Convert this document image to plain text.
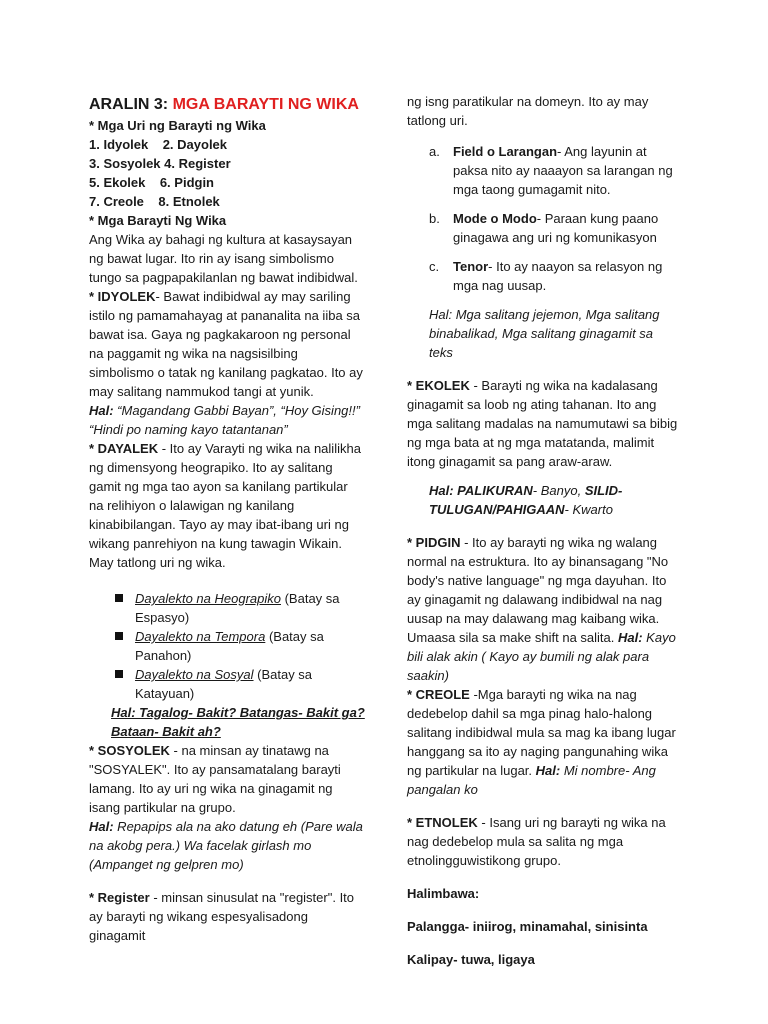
ARALIN 3: MGA BARAYTI NG WIKA

* Mga Uri ng Barayti ng Wika

1. Idyolek 2. Dayolek
3. Sosyolek 4. Register
5. Ekolek 6. Pidgin
7. Creole 8. Etnolek

* Mga Barayti Ng Wika

Ang Wika ay bahagi ng kultura at kasaysayan ng bawat lugar. Ito rin ay isang simbolismo tungo sa pagpapakilanlan ng bawat indibidwal.

* IDYOLEK- Bawat indibidwal ay may sariling istilo ng pamamahayag at pananalita na iiba sa bawat isa. Gaya ng pagkakaroon ng personal na paggamit ng wika na nagsisilbing simbolismo o tatak ng kanilang pagkatao. Ito ay may salitang nammukod tangi at yunik.

Hal: “Magandang Gabbi Bayan”, “Hoy Gising!!” “Hindi po naming kayo tatantanan”

* DAYALEK - Ito ay Varayti ng wika na nalilikha ng dimensyong heograpiko. Ito ay salitang gamit ng mga tao ayon sa kanilang partikular na relihiyon o lalawigan ng kanilang kinabibilangan. Tayo ay may ibat-ibang uri ng wikang panrehiyon na kung tawagin Wikain. May tatlong uri ng wika.

Dayalekto na Heograpiko (Batay sa Espasyo)
Dayalekto na Tempora (Batay sa Panahon)
Dayalekto na Sosyal (Batay sa Katayuan)

Hal: Tagalog- Bakit? Batangas- Bakit ga? Bataan- Bakit ah?

* SOSYOLEK - na minsan ay tinatawg na "SOSYALEK". Ito ay pansamatalang barayti lamang. Ito ay uri ng wika na ginagamit ng isang partikular na grupo.

Hal: Repapips ala na ako datung eh (Pare wala na akobg pera.) Wa facelak girlash mo (Ampanget ng gelpren mo)

* Register - minsan sinusulat na "register". Ito ay barayti ng wikang espesyalisadong ginagamit

ng isng paratikular na domeyn. Ito ay may tatlong uri.

a. Field o Larangan- Ang layunin at paksa nito ay naaayon sa larangan ng mga taong gumagamit nito.
b. Mode o Modo- Paraan kung paano ginagawa ang uri ng komunikasyon
c. Tenor- Ito ay naayon sa relasyon ng mga nag uusap.

Hal: Mga salitang jejemon, Mga salitang binabalikad, Mga salitang ginagamit sa teks

* EKOLEK - Barayti ng wika na kadalasang ginagamit sa loob ng ating tahanan. Ito ang mga salitang madalas na namumutawi sa bibig ng mga bata at ng mga matatanda, malimit itong ginagamit sa pang araw-araw.

Hal: PALIKURAN- Banyo, SILID-TULUGAN/PAHIGAAN- Kwarto

* PIDGIN - Ito ay barayti ng wika ng walang normal na estruktura. Ito ay binansagang "No body's native language" ng mga dayuhan. Ito ay ginagamit ng dalawang indibidwal na nag uusap na may dalawang mag kaibang wika. Umaasa sila sa make shift na salita. Hal: Kayo bili alak akin ( Kayo ay bumili ng alak para saakin)

* CREOLE -Mga barayti ng wika na nag dedebelop dahil sa mga pinag halo-halong salitang indibidwal mula sa mag ka ibang lugar hanggang sa ito ay naging pangunahing wika ng partikular na lugar. Hal: Mi nombre- Ang pangalan ko

* ETNOLEK - Isang uri ng barayti ng wika na nag dedebelop mula sa salita ng mga etnolingguwistikong grupo.

Halimbawa:

Palangga- iniirog, minamahal, sinisinta

Kalipay- tuwa, ligaya
